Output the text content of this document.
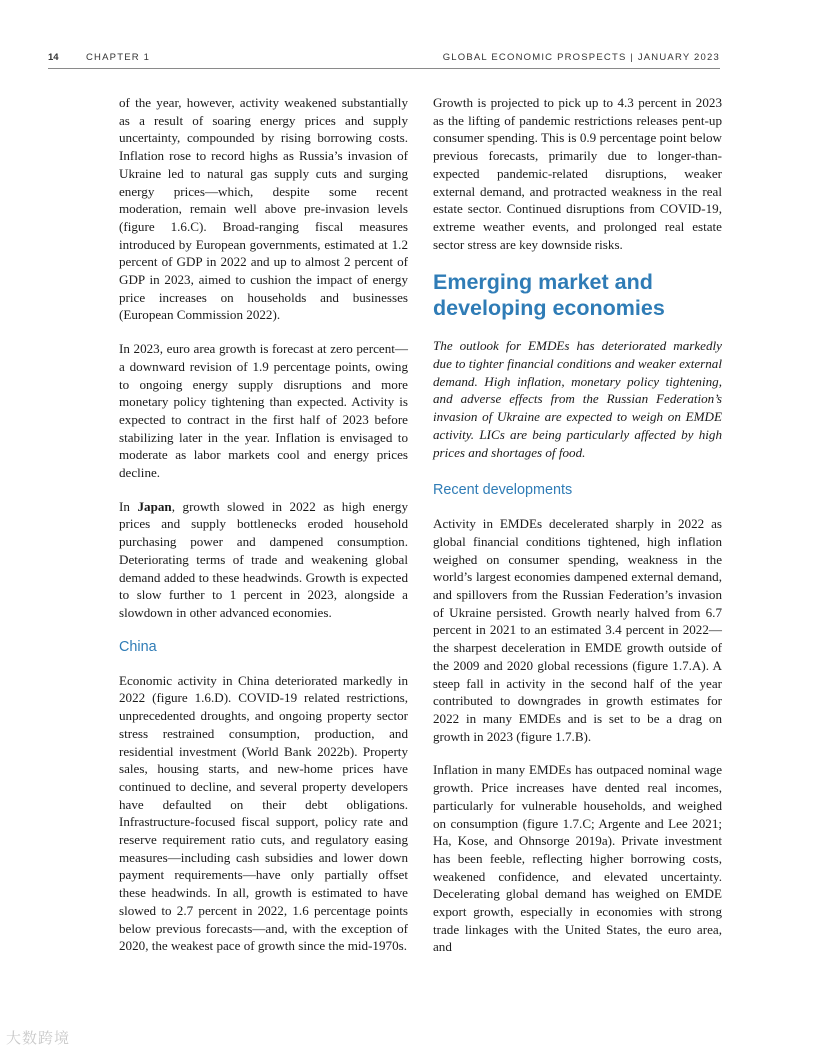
14	CHAPTER 1	GLOBAL ECONOMIC PROSPECTS | JANUARY 2023

of the year, however, activity weakened substantially as a result of soaring energy prices and supply uncertainty, compounded by rising borrowing costs. Inflation rose to record highs as Russia’s invasion of Ukraine led to natural gas supply cuts and surging energy prices—which, despite some recent moderation, remain well above pre-invasion levels (figure 1.6.C). Broad-ranging fiscal measures introduced by European governments, estimated at 1.2 percent of GDP in 2022 and up to almost 2 percent of GDP in 2023, aimed to cushion the impact of energy price increases on households and businesses (European Commission 2022).

In 2023, euro area growth is forecast at zero percent—a downward revision of 1.9 percentage points, owing to ongoing energy supply disruptions and more monetary policy tightening than expected. Activity is expected to contract in the first half of 2023 before stabilizing later in the year. Inflation is envisaged to moderate as labor markets cool and energy prices decline.

In Japan, growth slowed in 2022 as high energy prices and supply bottlenecks eroded household purchasing power and dampened consumption. Deteriorating terms of trade and weakening global demand added to these headwinds. Growth is expected to slow further to 1 percent in 2023, alongside a slowdown in other advanced economies.

China

Economic activity in China deteriorated markedly in 2022 (figure 1.6.D). COVID-19 related restrictions, unprecedented droughts, and ongoing property sector stress restrained consumption, production, and residential investment (World Bank 2022b). Property sales, housing starts, and new-home prices have continued to decline, and several property developers have defaulted on their debt obligations. Infrastructure-focused fiscal support, policy rate and reserve requirement ratio cuts, and regulatory easing measures—including cash subsidies and lower down payment requirements—have only partially offset these headwinds. In all, growth is estimated to have slowed to 2.7 percent in 2022, 1.6 percentage points below previous forecasts—and, with the exception of 2020, the weakest pace of growth since the mid-1970s.

Growth is projected to pick up to 4.3 percent in 2023 as the lifting of pandemic restrictions releases pent-up consumer spending. This is 0.9 percentage point below previous forecasts, primarily due to longer-than-expected pandemic-related disruptions, weaker external demand, and protracted weakness in the real estate sector. Continued disruptions from COVID-19, extreme weather events, and prolonged real estate sector stress are key downside risks.

Emerging market and developing economies

The outlook for EMDEs has deteriorated markedly due to tighter financial conditions and weaker external demand. High inflation, monetary policy tightening, and adverse effects from the Russian Federation’s invasion of Ukraine are expected to weigh on EMDE activity. LICs are being particularly affected by high prices and shortages of food.

Recent developments

Activity in EMDEs decelerated sharply in 2022 as global financial conditions tightened, high inflation weighed on consumer spending, weakness in the world’s largest economies dampened external demand, and spillovers from the Russian Federation’s invasion of Ukraine persisted. Growth nearly halved from 6.7 percent in 2021 to an estimated 3.4 percent in 2022—the sharpest deceleration in EMDE growth outside of the 2009 and 2020 global recessions (figure 1.7.A). A steep fall in activity in the second half of the year contributed to downgrades in growth estimates for 2022 in many EMDEs and is set to be a drag on growth in 2023 (figure 1.7.B).

Inflation in many EMDEs has outpaced nominal wage growth. Price increases have dented real incomes, particularly for vulnerable households, and weighed on consumption (figure 1.7.C; Argente and Lee 2021; Ha, Kose, and Ohnsorge 2019a). Private investment has been feeble, reflecting higher borrowing costs, weakened confidence, and elevated uncertainty. Decelerating global demand has weighed on EMDE export growth, especially in economies with strong trade linkages with the United States, the euro area, and

大数跨境
